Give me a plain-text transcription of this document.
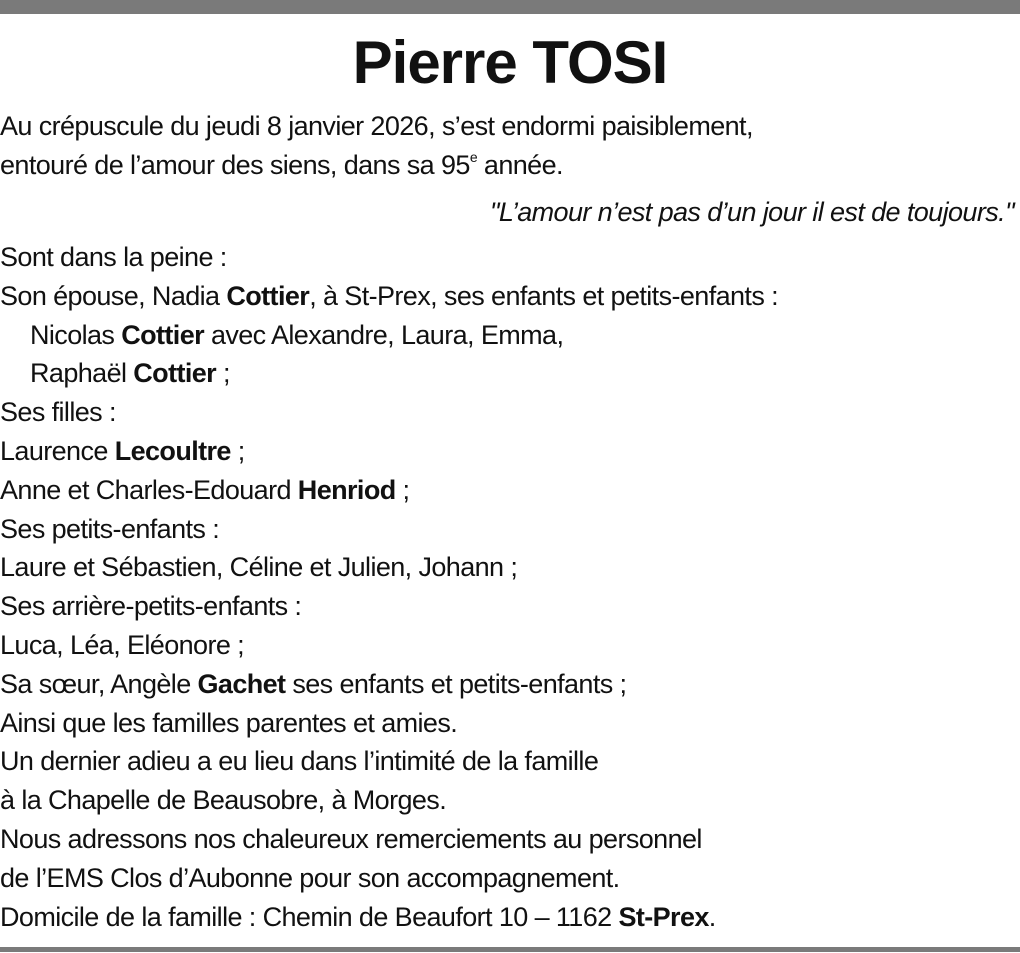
Pierre TOSI
Au crépuscule du jeudi 8 janvier 2026, s’est endormi paisiblement,
entouré de l’amour des siens, dans sa 95e année.
"L’amour n’est pas d’un jour il est de toujours."
Sont dans la peine :
Son épouse, Nadia Cottier, à St-Prex, ses enfants et petits-enfants :
Nicolas Cottier avec Alexandre, Laura, Emma,
Raphaël Cottier ;
Ses filles :
Laurence Lecoultre ;
Anne et Charles-Edouard Henriod ;
Ses petits-enfants :
Laure et Sébastien, Céline et Julien, Johann ;
Ses arrière-petits-enfants :
Luca, Léa, Eléonore ;
Sa sœur, Angèle Gachet ses enfants et petits-enfants ;
Ainsi que les familles parentes et amies.
Un dernier adieu a eu lieu dans l’intimité de la famille
à la Chapelle de Beausobre, à Morges.
Nous adressons nos chaleureux remerciements au personnel
de l’EMS Clos d’Aubonne pour son accompagnement.
Domicile de la famille : Chemin de Beaufort 10 – 1162 St-Prex.
